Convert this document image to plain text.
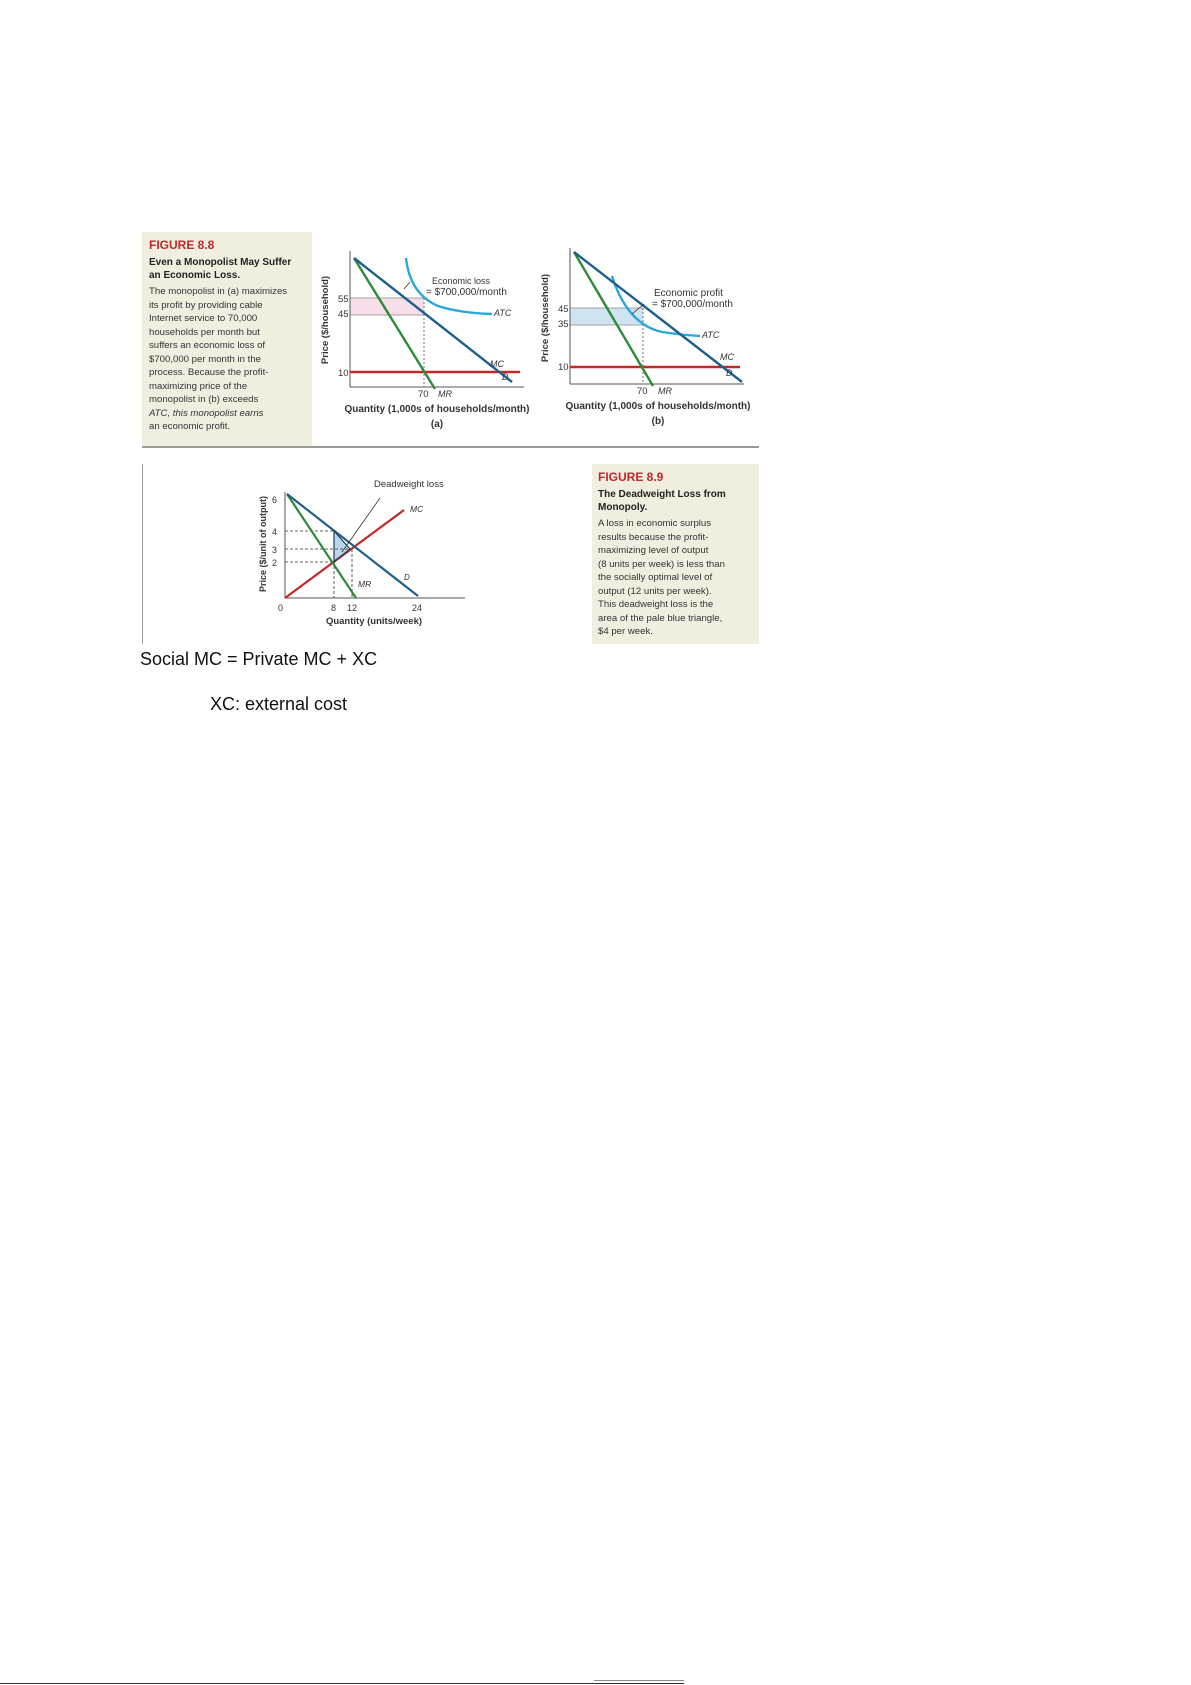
FIGURE 8.8
Even a Monopolist May Suffer
an Economic Loss.
The monopolist in (a) maximizes
its profit by providing cable
Internet service to 70,000
households per month but
suffers an economic loss of
$700,000 per month in the
process. Because the profit-
maximizing price of the
monopolist in (b) exceeds
ATC, this monopolist earns
an economic profit.
55
45
10
70 MR
MC
D
ATC
Economic loss
= $700,000/month
Quantity (1,000s of households/month)
(a)
Price ($/household)	45
35
10
70 MR
MC
D
ATC
Economic profit
= $700,000/month
Quantity (1,000s of households/month)
(b)
Price ($/household)
6
4
3
2
0	8 12	24
MR
MC
D
Deadweight loss
Quantity (units/week)
Price ($/unit of output)
FIGURE 8.9
The Deadweight Loss from
Monopoly.
A loss in economic surplus
results because the profit-
maximizing level of output
(8 units per week) is less than
the socially optimal level of
output (12 units per week).
This deadweight loss is the
area of the pale blue triangle,
$4 per week.
Social MC = Private MC + XC
XC: external cost
